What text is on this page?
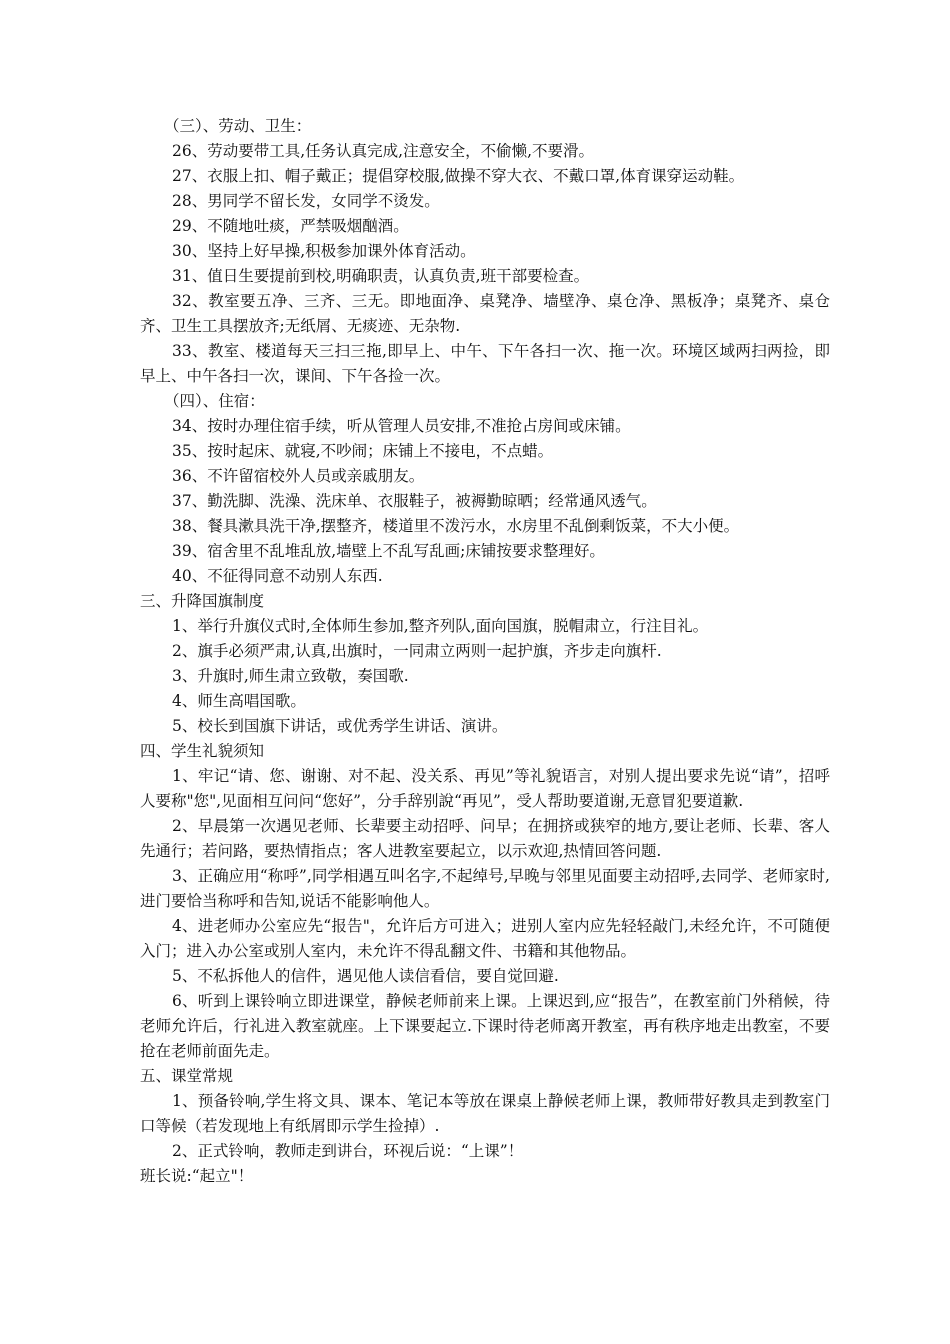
（三）、劳动、卫生：

26、劳动要带工具,任务认真完成,注意安全，不偷懒,不要滑。

27、衣服上扣、帽子戴正；提倡穿校服,做操不穿大衣、不戴口罩,体育课穿运动鞋。

28、男同学不留长发，女同学不烫发。

29、不随地吐痰，严禁吸烟酗酒。

30、坚持上好早操,积极参加课外体育活动。

31、值日生要提前到校,明确职责，认真负责,班干部要检查。

32、教室要五净、三齐、三无。即地面净、桌凳净、墙壁净、桌仓净、黑板净；桌凳齐、桌仓齐、卫生工具摆放齐;无纸屑、无痰迹、无杂物.

33、教室、楼道每天三扫三拖,即早上、中午、下午各扫一次、拖一次。环境区域两扫两捡，即早上、中午各扫一次，课间、下午各捡一次。

（四）、住宿：

34、按时办理住宿手续，听从管理人员安排,不准抢占房间或床铺。

35、按时起床、就寝,不吵闹；床铺上不接电，不点蜡。

36、不许留宿校外人员或亲戚朋友。

37、勤洗脚、洗澡、洗床单、衣服鞋子，被褥勤晾晒；经常通风透气。

38、餐具漱具洗干净,摆整齐，楼道里不泼污水，水房里不乱倒剩饭菜，不大小便。

39、宿舍里不乱堆乱放,墙壁上不乱写乱画;床铺按要求整理好。

40、不征得同意不动别人东西.

三、升降国旗制度

1、举行升旗仪式时,全体师生参加,整齐列队,面向国旗，脱帽肃立，行注目礼。

2、旗手必须严肃,认真,出旗时，一同肃立两则一起护旗，齐步走向旗杆.

3、升旗时,师生肃立致敬，奏国歌.

4、师生高唱国歌。

5、校长到国旗下讲话，或优秀学生讲话、演讲。

四、学生礼貌须知

1、牢记“请、您、谢谢、对不起、没关系、再见”等礼貌语言，对别人提出要求先说“请”，招呼人要称"您",见面相互问问“您好”，分手辞别說“再见”，受人帮助要道谢,无意冒犯要道歉.

2、早晨第一次遇见老师、长辈要主动招呼、问早；在拥挤或狭窄的地方,要让老师、长辈、客人先通行；若问路，要热情指点；客人进教室要起立，以示欢迎,热情回答问题.

3、正确应用“称呼”,同学相遇互叫名字,不起绰号,早晚与邻里见面要主动招呼,去同学、老师家时,进门要恰当称呼和告知,说话不能影响他人。

4、进老师办公室应先“报告"，允许后方可进入；进别人室内应先轻轻敲门,未经允许，不可随便入门；进入办公室或别人室内，未允许不得乱翻文件、书籍和其他物品。

5、不私拆他人的信件，遇见他人读信看信，要自觉回避.

6、听到上课铃响立即进课堂，静候老师前来上课。上课迟到,应“报告”，在教室前门外稍候，待老师允许后，行礼进入教室就座。上下课要起立.下课时待老师离开教室，再有秩序地走出教室，不要抢在老师前面先走。

五、课堂常规

1、预备铃响,学生将文具、课本、笔记本等放在课桌上静候老师上课，教师带好教具走到教室门口等候（若发现地上有纸屑即示学生捡掉）.

2、正式铃响，教师走到讲台，环视后说：“上课”！

班长说:“起立"！
